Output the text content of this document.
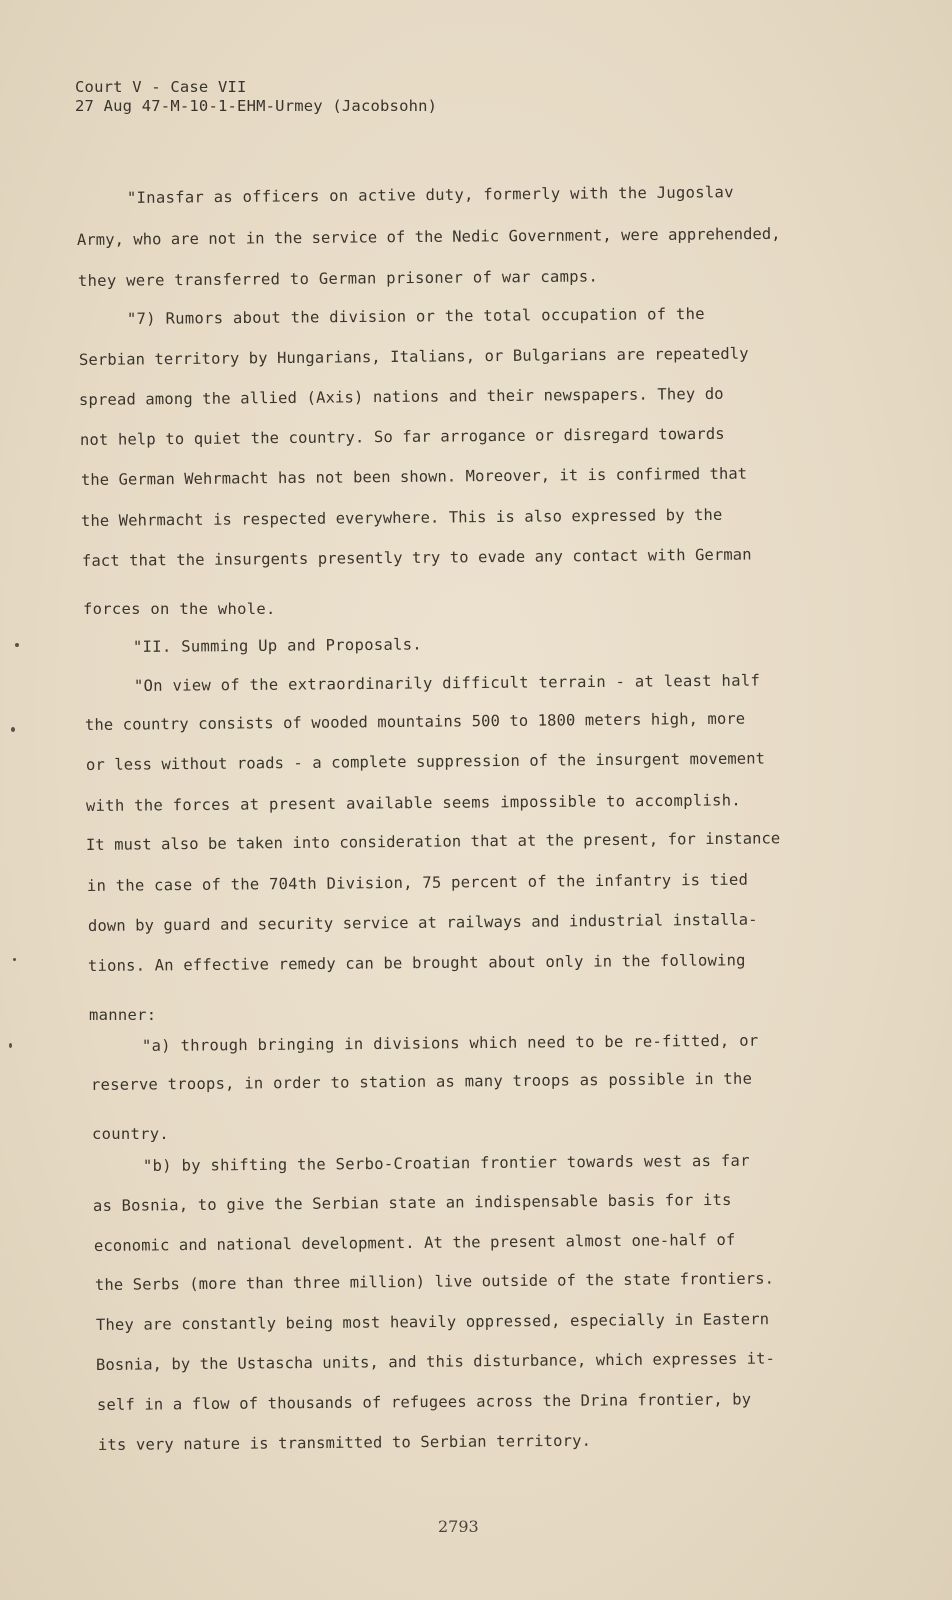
Court V - Case VII
27 Aug 47-M-10-1-EHM-Urmey (Jacobsohn)
"Inasfar as officers on active duty, formerly with the Jugoslav
Army, who are not in the service of the Nedic Government, were apprehended,
they were transferred to German prisoner of war camps.
"7) Rumors about the division or the total occupation of the
Serbian territory by Hungarians, Italians, or Bulgarians are repeatedly
spread among the allied (Axis) nations and their newspapers. They do
not help to quiet the country. So far arrogance or disregard towards
the German Wehrmacht has not been shown. Moreover, it is confirmed that
the Wehrmacht is respected everywhere. This is also expressed by the
fact that the insurgents presently try to evade any contact with German
forces on the whole.
"II. Summing Up and Proposals.
"On view of the extraordinarily difficult terrain - at least half
the country consists of wooded mountains 500 to 1800 meters high, more
or less without roads - a complete suppression of the insurgent movement
with the forces at present available seems impossible to accomplish.
It must also be taken into consideration that at the present, for instance
in the case of the 704th Division, 75 percent of the infantry is tied
down by guard and security service at railways and industrial installa-
tions. An effective remedy can be brought about only in the following
manner:
"a) through bringing in divisions which need to be re-fitted, or
reserve troops, in order to station as many troops as possible in the
country.
"b) by shifting the Serbo-Croatian frontier towards west as far
as Bosnia, to give the Serbian state an indispensable basis for its
economic and national development. At the present almost one-half of
the Serbs (more than three million) live outside of the state frontiers.
They are constantly being most heavily oppressed, especially in Eastern
Bosnia, by the Ustascha units, and this disturbance, which expresses it-
self in a flow of thousands of refugees across the Drina frontier, by
its very nature is transmitted to Serbian territory.
2793
